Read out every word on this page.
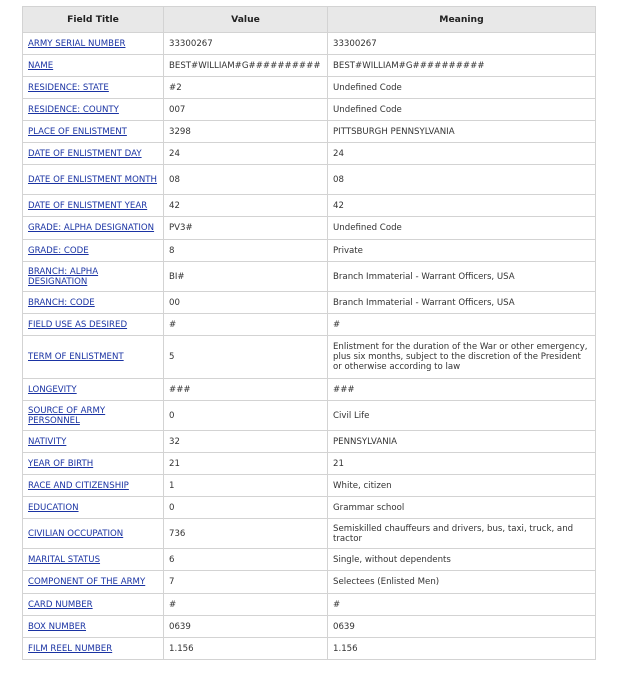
Field Title	Value	Meaning
ARMY SERIAL NUMBER	33300267	33300267
NAME	BEST#WILLIAM#G##########	BEST#WILLIAM#G##########
RESIDENCE: STATE	#2	Undefined Code
RESIDENCE: COUNTY	007	Undefined Code
PLACE OF ENLISTMENT	3298	PITTSBURGH PENNSYLVANIA
DATE OF ENLISTMENT DAY	24	24
DATE OF ENLISTMENT MONTH	08	08
DATE OF ENLISTMENT YEAR	42	42
GRADE: ALPHA DESIGNATION	PV3#	Undefined Code
GRADE: CODE	8	Private
BRANCH: ALPHA DESIGNATION	BI#	Branch Immaterial - Warrant Officers, USA
BRANCH: CODE	00	Branch Immaterial - Warrant Officers, USA
FIELD USE AS DESIRED	#	#
TERM OF ENLISTMENT	5	Enlistment for the duration of the War or other emergency, plus six months, subject to the discretion of the President or otherwise according to law
LONGEVITY	###	###
SOURCE OF ARMY PERSONNEL	0	Civil Life
NATIVITY	32	PENNSYLVANIA
YEAR OF BIRTH	21	21
RACE AND CITIZENSHIP	1	White, citizen
EDUCATION	0	Grammar school
CIVILIAN OCCUPATION	736	Semiskilled chauffeurs and drivers, bus, taxi, truck, and tractor
MARITAL STATUS	6	Single, without dependents
COMPONENT OF THE ARMY	7	Selectees (Enlisted Men)
CARD NUMBER	#	#
BOX NUMBER	0639	0639
FILM REEL NUMBER	1.156	1.156
